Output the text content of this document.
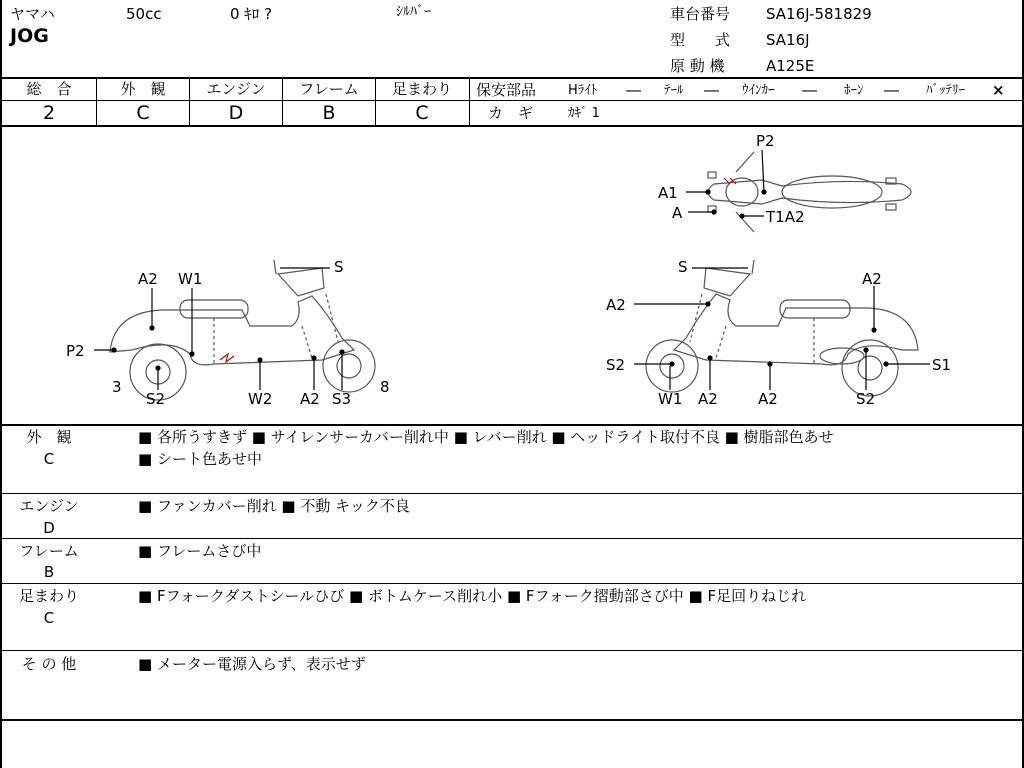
ヤマハ	50cc	0 ｷﾛ ?	ｼﾙﾊﾞｰ
JOG
車台番号 SA16J-581829
型　　式 SA16J
原 動 機	A125E
総　合	外　観	エンジン	フレーム	足まわり
2	C	D	B	C
保安部品 Hﾗｲﾄ ― ﾃｰﾙ ― ｳｲﾝｶｰ ― ﾎｰﾝ ― ﾊﾞｯﾃﾘｰ ×
カ　ギ	ｶｷﾞ 1
P2
A1
A	T1A2
A2 W1
S
P2
3
S2	W2 A2 S3
8
S
A2
A2
S2	S1
W1 A2	A2	S2
外　観
C
■ 各所うすきず ■ サイレンサーカバー削れ中 ■ レバー削れ ■ ヘッドライト取付不良 ■ 樹脂部色あせ
■ シート色あせ中
エンジン
D
■ ファンカバー削れ ■ 不動 キック不良
フレーム
B
■ フレームさび中
足まわり
C
■ Fフォークダストシールひび ■ ボトムケース削れ小 ■ Fフォーク摺動部さび中 ■ F足回りねじれ
そ の 他	■ メーター電源入らず、表示せず
